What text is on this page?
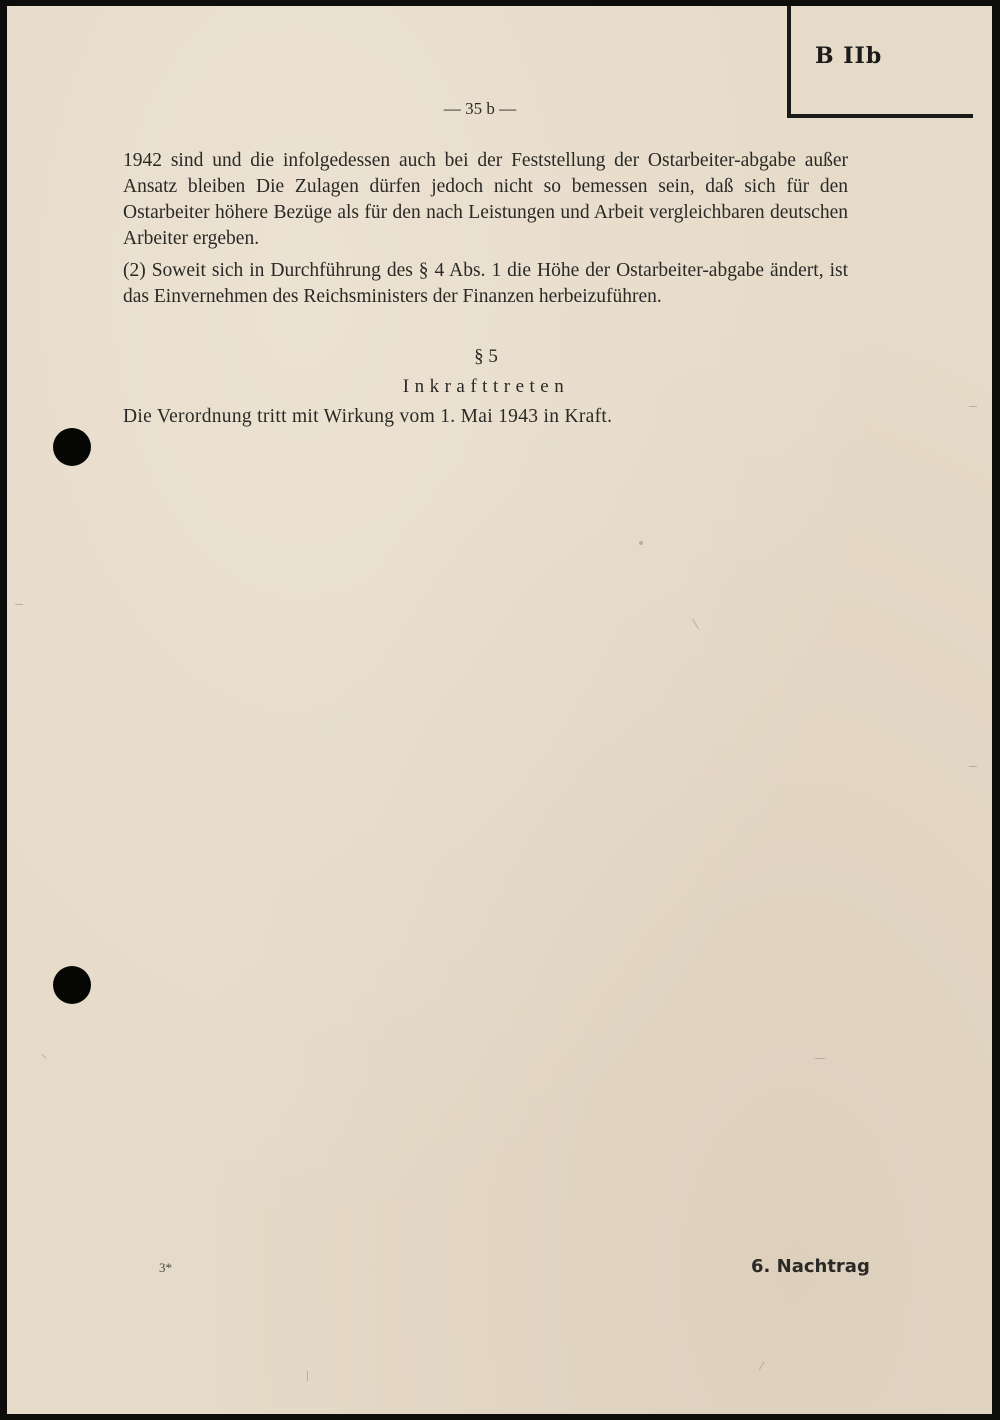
B IIb
— 35 b —

1942 sind und die infolgedessen auch bei der Feststellung der Ostarbeiter-abgabe außer Ansatz bleiben Die Zulagen dürfen jedoch nicht so bemessen sein, daß sich für den Ostarbeiter höhere Bezüge als für den nach Leistungen und Arbeit vergleichbaren deutschen Arbeiter ergeben.

(2) Soweit sich in Durchführung des § 4 Abs. 1 die Höhe der Ostarbeiter-abgabe ändert, ist das Einvernehmen des Reichsministers der Finanzen herbeizuführen.

§ 5
Inkrafttreten
Die Verordnung tritt mit Wirkung vom 1. Mai 1943 in Kraft.
3*	6. Nachtrag
